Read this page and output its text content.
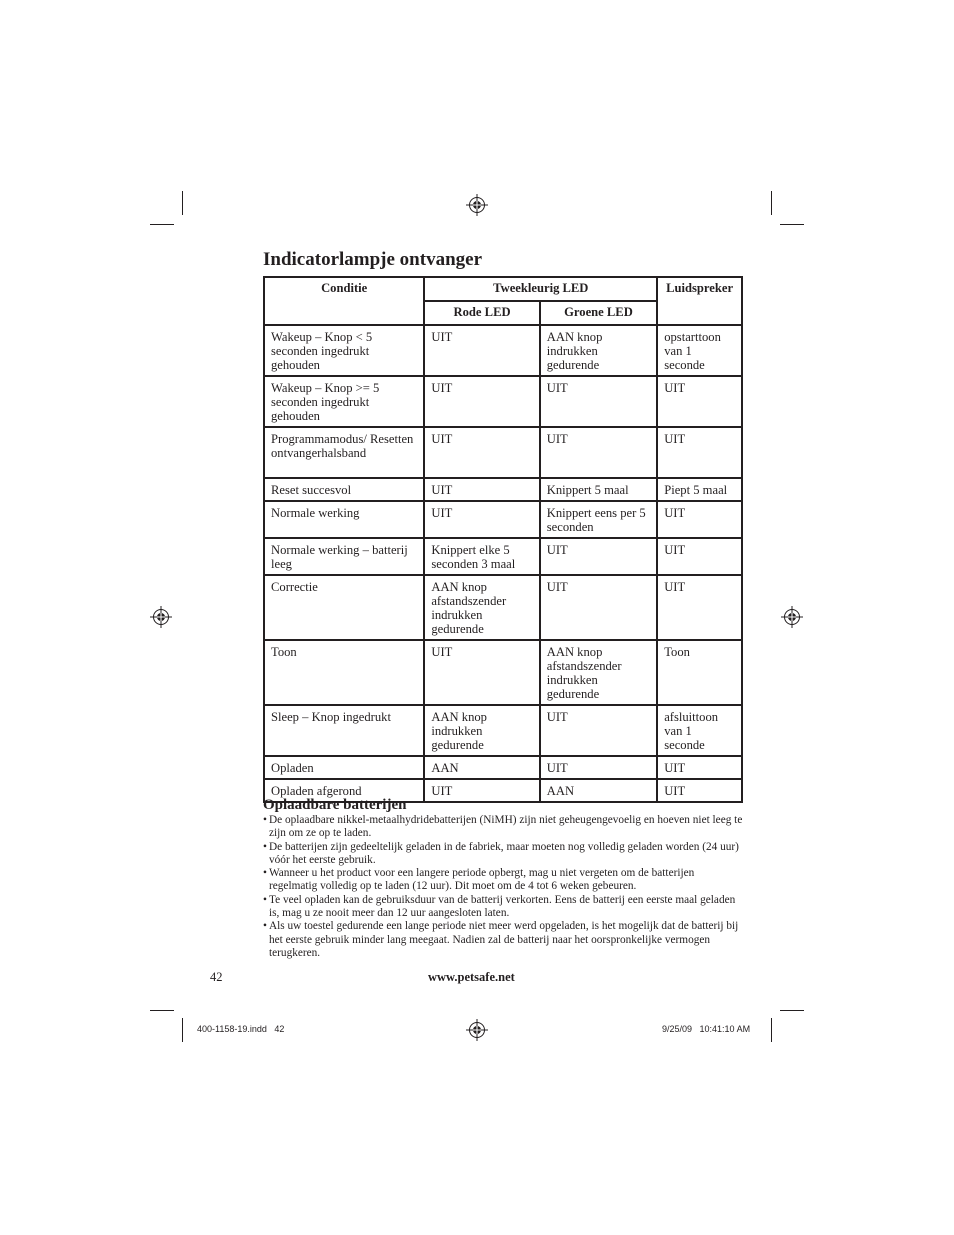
Indicatorlampje ontvanger
Conditie	Tweekleurig LED		Luidspreker
	Rode LED	Groene LED	
Wakeup – Knop < 5 seconden ingedrukt gehouden	UIT	AAN knop indrukken gedurende	opstarttoon van 1 seconde
Wakeup – Knop >= 5 seconden ingedrukt gehouden	UIT	UIT	UIT
Programmamodus/ Resetten ontvangerhalsband	UIT	UIT	UIT
Reset succesvol	UIT	Knippert 5 maal	Piept 5 maal
Normale werking	UIT	Knippert eens per 5 seconden	UIT
Normale werking – batterij leeg	Knippert elke 5 seconden 3 maal	UIT	UIT
Correctie	AAN knop afstandszender indrukken gedurende	UIT	UIT
Toon	UIT	AAN knop afstandszender indrukken gedurende	Toon
Sleep – Knop ingedrukt	AAN knop indrukken gedurende	UIT	afsluittoon van 1 seconde
Opladen	AAN	UIT	UIT
Opladen afgerond	UIT	AAN	UIT
Oplaadbare batterijen
• De oplaadbare nikkel-metaalhydridebatterijen (NiMH) zijn niet geheugengevoelig en hoeven niet leeg te zijn om ze op te laden.
• De batterijen zijn gedeeltelijk geladen in de fabriek, maar moeten nog volledig geladen worden (24 uur) vóór het eerste gebruik.
• Wanneer u het product voor een langere periode opbergt, mag u niet vergeten om de batterijen regelmatig volledig op te laden (12 uur). Dit moet om de 4 tot 6 weken gebeuren.
• Te veel opladen kan de gebruiksduur van de batterij verkorten. Eens de batterij een eerste maal geladen is, mag u ze nooit meer dan 12 uur aangesloten laten.
• Als uw toestel gedurende een lange periode niet meer werd opgeladen, is het mogelijk dat de batterij bij het eerste gebruik minder lang meegaat. Nadien zal de batterij naar het oorspronkelijke vermogen terugkeren.
42	www.petsafe.net
400-1158-19.indd   42	9/25/09   10:41:10 AM
